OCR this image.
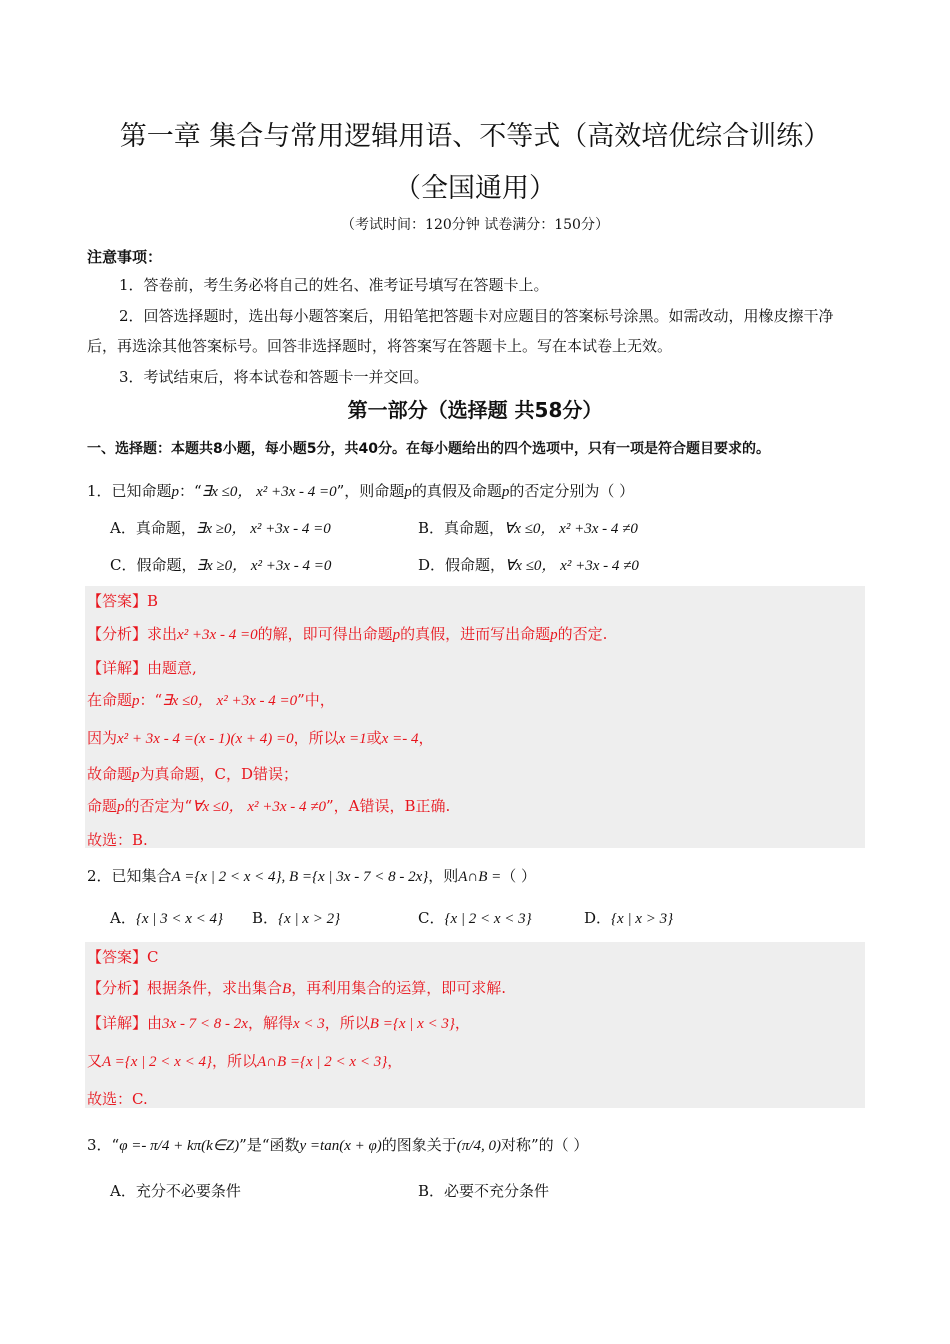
第一章 集合与常用逻辑用语、不等式（高效培优综合训练）
（全国通用）
（考试时间：120分钟 试卷满分：150分）
注意事项：
1．答卷前，考生务必将自己的姓名、准考证号填写在答题卡上。
2．回答选择题时，选出每小题答案后，用铅笔把答题卡对应题目的答案标号涂黑。如需改动，用橡皮擦干净后，再选涂其他答案标号。回答非选择题时，将答案写在答题卡上。写在本试卷上无效。
3．考试结束后，将本试卷和答题卡一并交回。
第一部分（选择题 共58分）
一、选择题：本题共8小题，每小题5分，共40分。在每小题给出的四个选项中，只有一项是符合题目要求的。
1．已知命题p：“∃x ≤0， x² +3x - 4 =0”，则命题p的真假及命题p的否定分别为（ ）
A．真命题，∃x ≥0， x² +3x - 4 =0	B．真命题，∀x ≤0， x² +3x - 4 ≠0
C．假命题，∃x ≥0， x² +3x - 4 =0	D．假命题，∀x ≤0， x² +3x - 4 ≠0
【答案】B
【分析】求出x² +3x - 4 =0的解，即可得出命题p的真假，进而写出命题p的否定.
【详解】由题意,
在命题p：“∃x ≤0， x² +3x - 4 =0”中，
因为x² + 3x - 4 =(x - 1)(x + 4) =0，所以x =1或x =- 4，
故命题p为真命题，C，D错误；
命题p的否定为“∀x ≤0， x² +3x - 4 ≠0”，A错误，B正确.
故选：B.
2．已知集合A ={x | 2 < x < 4}, B ={x | 3x - 7 < 8 - 2x}，则A∩B =（ ）
A．{x | 3 < x < 4} B．{x | x > 2}	C．{x | 2 < x < 3}	D．{x | x > 3}
【答案】C
【分析】根据条件，求出集合B，再利用集合的运算，即可求解.
【详解】由3x - 7 < 8 - 2x，解得x < 3，所以B ={x | x < 3}，
又A ={x | 2 < x < 4}，所以A∩B ={x | 2 < x < 3}，
故选：C.
3．“φ =- π/4 + kπ(k∈Z)”是“函数y =tan(x + φ)的图象关于(π/4, 0)对称”的（ ）
A．充分不必要条件	B．必要不充分条件
